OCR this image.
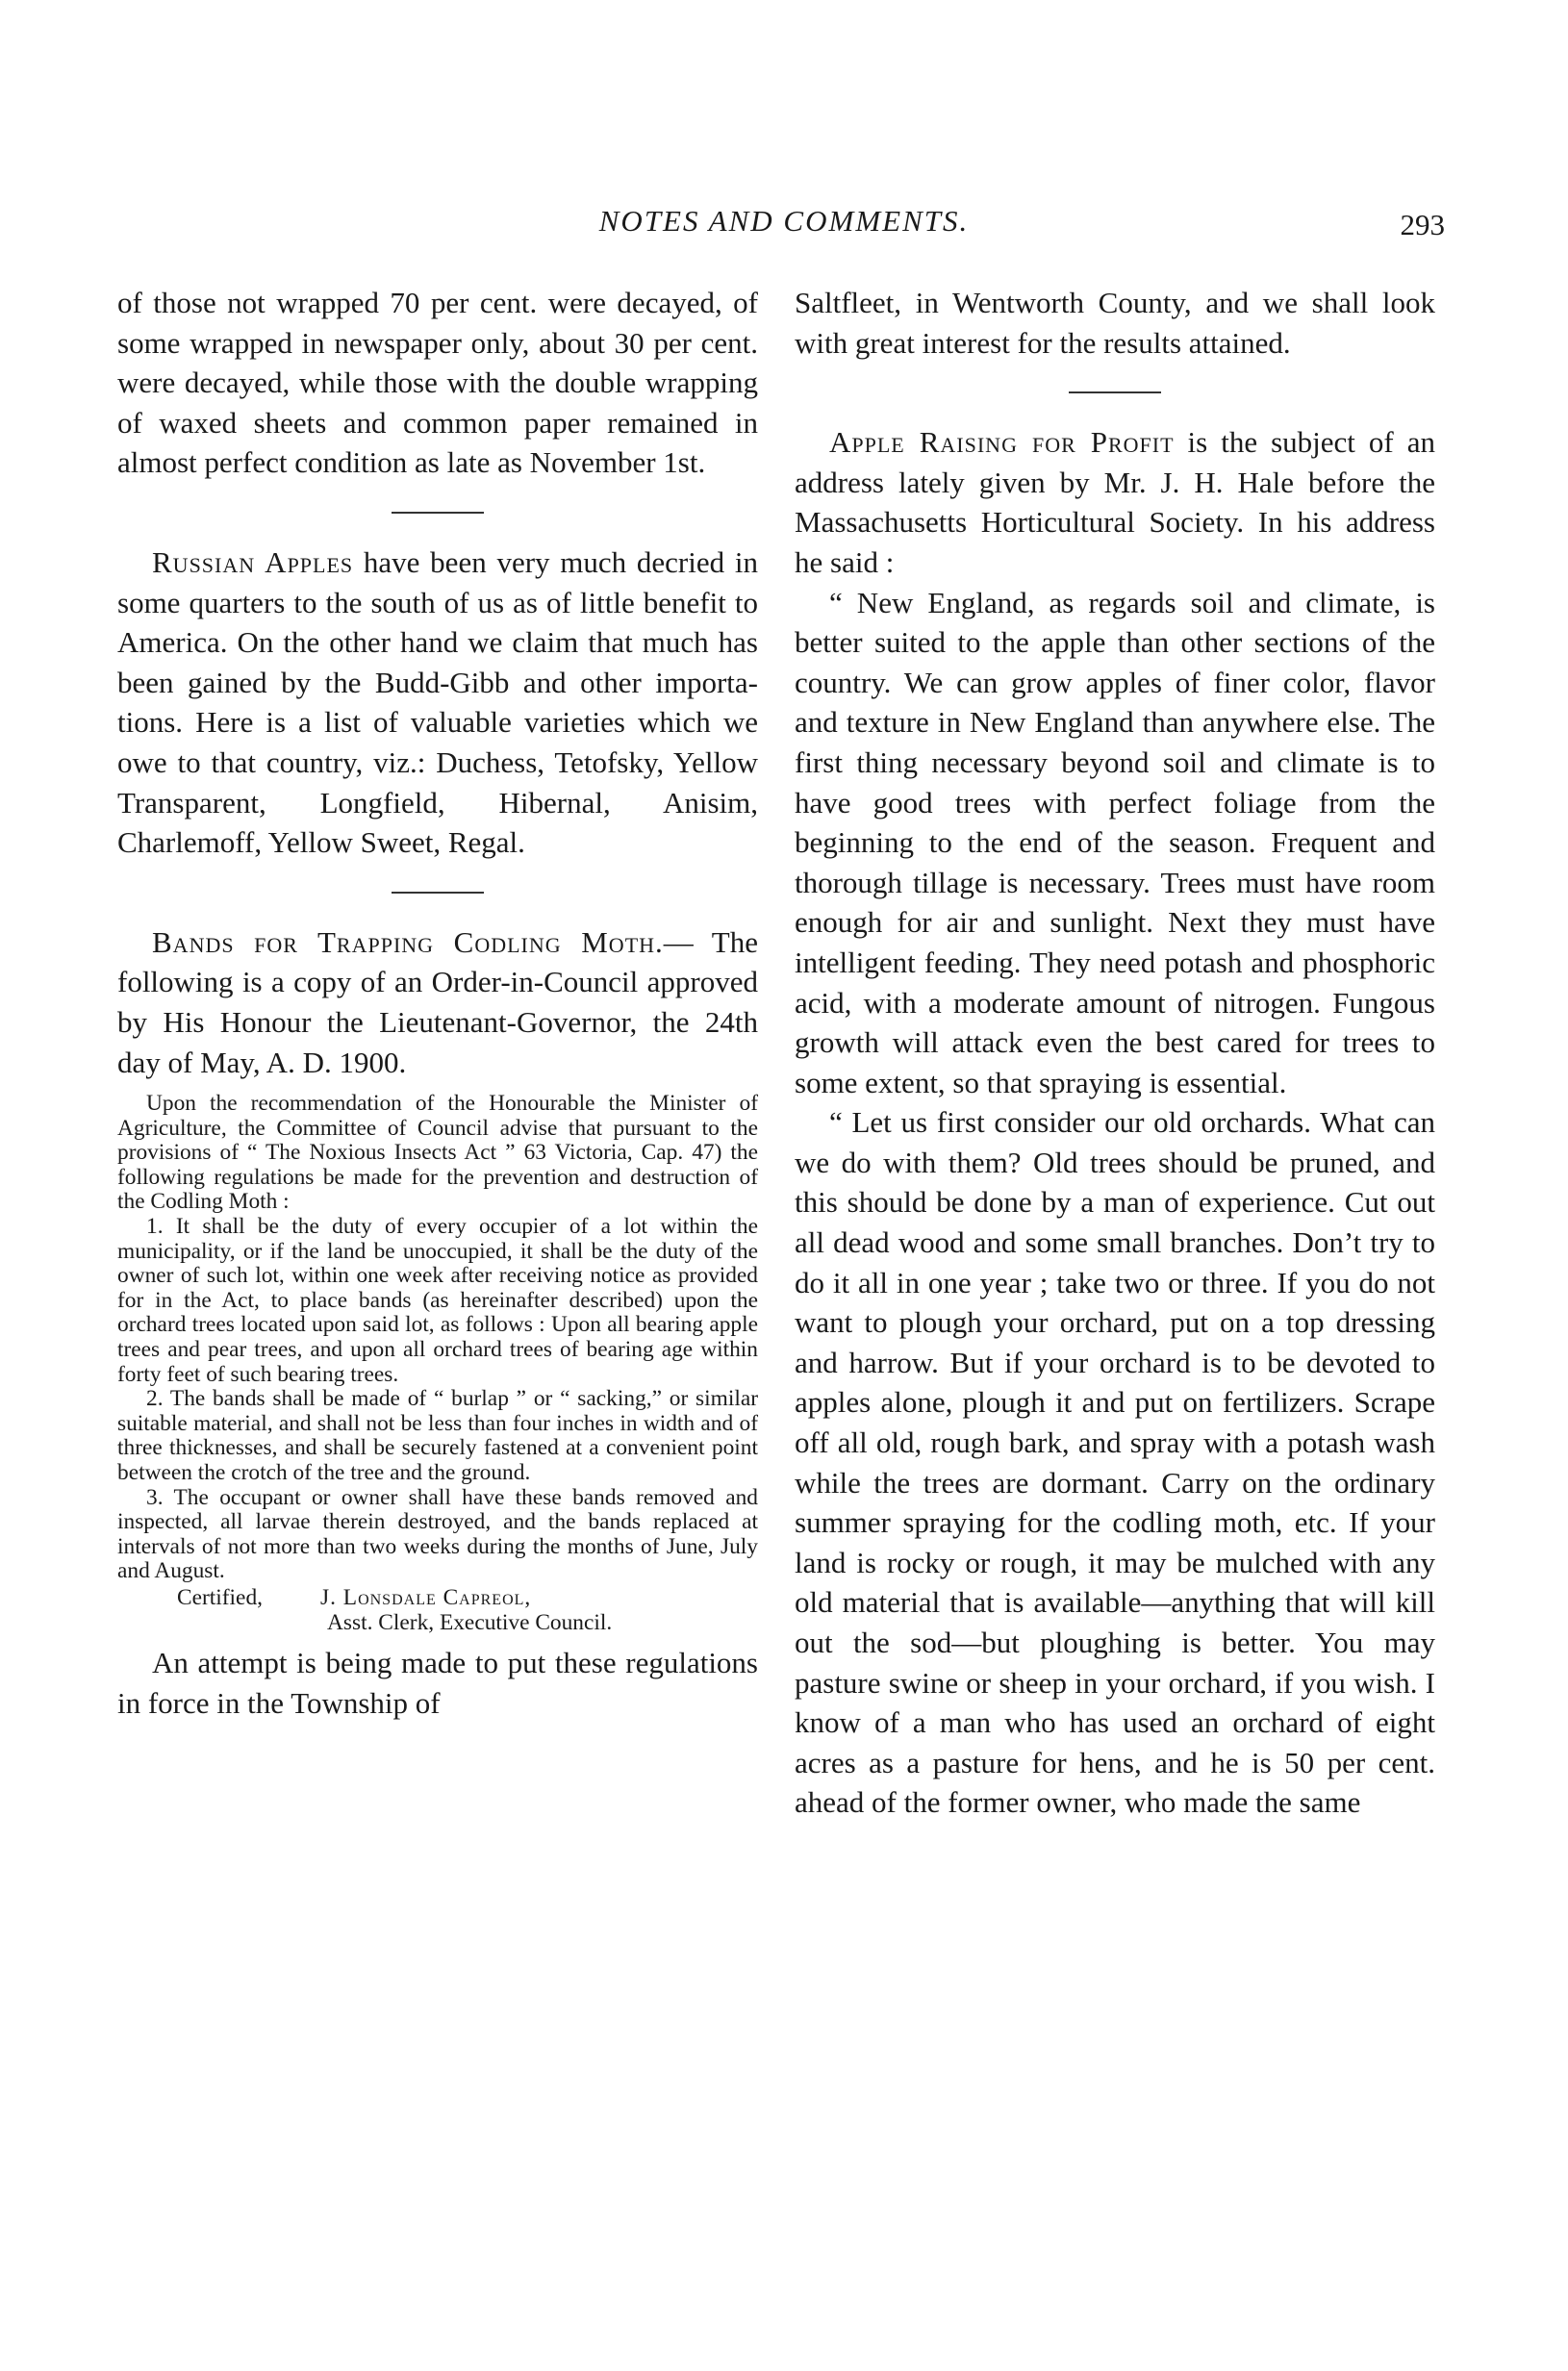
NOTES AND COMMENTS.	293

of those not wrapped 70 per cent. were decayed, of some wrapped in newspaper only, about 30 per cent. were decayed, while those with the double wrapping of waxed sheets and common paper remained in almost perfect condition as late as November 1st.

Russian Apples have been very much decried in some quarters to the south of us as of little benefit to America. On the other hand we claim that much has been gained by the Budd-Gibb and other importations. Here is a list of valuable varieties which we owe to that country, viz.: Duchess, Tetofsky, Yellow Transparent, Longfield, Hibernal, Anisim, Charlemoff, Yellow Sweet, Regal.

Bands for Trapping Codling Moth.— The following is a copy of an Order-in-Council approved by His Honour the Lieutenant-Governor, the 24th day of May, A. D. 1900.

Upon the recommendation of the Honourable the Minister of Agriculture, the Committee of Council advise that pursuant to the provisions of “ The Noxious Insects Act ” 63 Victoria, Cap. 47) the following regulations be made for the prevention and destruction of the Codling Moth :

1. It shall be the duty of every occupier of a lot within the municipality, or if the land be unoccupied, it shall be the duty of the owner of such lot, within one week after receiving notice as provided for in the Act, to place bands (as hereinafter described) upon the orchard trees located upon said lot, as follows : Upon all bearing apple trees and pear trees, and upon all orchard trees of bearing age within forty feet of such bearing trees.

2. The bands shall be made of “ burlap ” or “ sacking,” or similar suitable material, and shall not be less than four inches in width and of three thicknesses, and shall be securely fastened at a convenient point between the crotch of the tree and the ground.

3. The occupant or owner shall have these bands removed and inspected, all larvae therein destroyed, and the bands replaced at intervals of not more than two weeks during the months of June, July and August.

Certified,	J. Lonsdale Capreol,
Asst. Clerk, Executive Council.

An attempt is being made to put these regulations in force in the Township of

Saltfleet, in Wentworth County, and we shall look with great interest for the results attained.

Apple Raising for Profit is the subject of an address lately given by Mr. J. H. Hale before the Massachusetts Horticultural Society. In his address he said :

“ New England, as regards soil and climate, is better suited to the apple than other sections of the country. We can grow apples of finer color, flavor and texture in New England than anywhere else. The first thing necessary beyond soil and climate is to have good trees with perfect foliage from the beginning to the end of the season. Frequent and thorough tillage is necessary. Trees must have room enough for air and sunlight. Next they must have intelligent feeding. They need potash and phosphoric acid, with a moderate amount of nitrogen. Fungous growth will attack even the best cared for trees to some extent, so that spraying is essential.

“ Let us first consider our old orchards. What can we do with them? Old trees should be pruned, and this should be done by a man of experience. Cut out all dead wood and some small branches. Don’t try to do it all in one year ; take two or three. If you do not want to plough your orchard, put on a top dressing and harrow. But if your orchard is to be devoted to apples alone, plough it and put on fertilizers. Scrape off all old, rough bark, and spray with a potash wash while the trees are dormant. Carry on the ordinary summer spraying for the codling moth, etc. If your land is rocky or rough, it may be mulched with any old material that is available—anything that will kill out the sod—but ploughing is better. You may pasture swine or sheep in your orchard, if you wish. I know of a man who has used an orchard of eight acres as a pasture for hens, and he is 50 per cent. ahead of the former owner, who made the same
